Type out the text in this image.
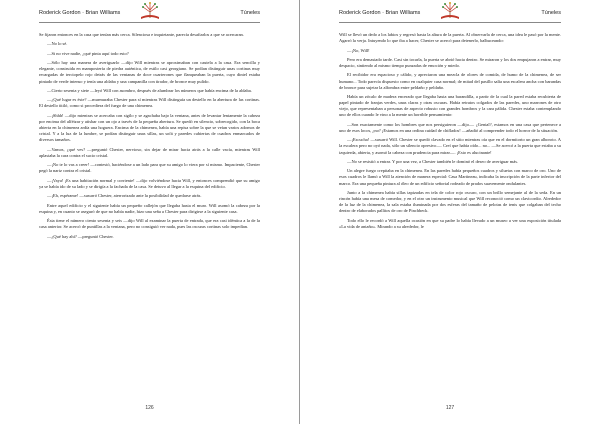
Roderick Gordon · Brian Williams	Túneles

Se fijaron entonces en la casa que tenían más cerca. Silenciosa e inquietante, parecía desafiarlos a que se acercaran.

—No lo sé.

—Si no vive nadie, ¿qué pinta aquí todo esto?

—Sólo hay una manera de averiguarlo —dijo Will mientras se aproximaban con cautela a la casa. Era sencilla y elegante, construida en mampostería de piedra auténtica, de estilo casi georgiano. Se podían distinguir unas cortinas muy recargadas de terciopelo rojo detrás de las ventanas de doce cuarterones que flanqueaban la puerta, cuyo dintel estaba pintado de verde intenso y tenía una aldaba y una campanilla con tirador, de bronce muy pulido.

—Cierto sesenta y siete —leyó Will con asombro, después de alumbrar los números que había encima de la aldaba.

—¿Qué lugar es éste? —murmuraba Chester para sí mientras Will distinguía un destello en la abertura de las cortinas. El destello titiló, como si procediera del fuego de una chimenea.

—¡Shhh! —dijo mientras se acercaba con sigilo y se agachaba bajo la ventana, antes de levantar lentamente la cabeza por encima del alféizar y atisbar con un ojo a través de la pequeña abertura. Se quedó en silencio, sobrecogido, con la boca abierta en la chimenea ardía una hoguera. Encima de la chimenea, había una repisa sobre la que se veían varios adornos de cristal. Y a la luz de la lumbre, se podían distinguir unas sillas, un sofá y paredes cubiertas de cuadros enmarcados de diversos tamaños.

—Vamos, ¿qué ves? —preguntó Chester, nervioso, sin dejar de mirar hacia atrás a la calle vacía, mientras Will aplastaba la cara contra el sucio cristal.

—¡No te lo vas a creer! —contestó, haciéndose a un lado para que su amigo lo viera por sí mismo. Impaciente, Chester pegó la nariz contra el cristal.

—¡Vaya! ¡Es una habitación normal y corriente! —dijo volviéndose hacia Will, y entonces comprendió que su amigo ya se había ido de su lado y se dirigía a la fachada de la casa. Se detuvo al llegar a la esquina del edificio.

—¡Eh, espérame! —susurró Chester, aterrorizado ante la posibilidad de quedarse atrás.

Entre aquel edificio y el siguiente había un pequeño callejón que llegaba hasta el muro. Will asomó la cabeza por la esquina y, en cuanto se aseguró de que no había nadie, hizo una seña a Chester para dirigirse a la siguiente casa.

Ésta tiene el número ciento sesenta y seis —dijo Will al examinar la puerta de entrada, que era casi idéntica a la de la casa anterior. Se acercó de puntillas a la ventana, pero no consiguió ver nada, pues las oscuras cortinas solo impedían.

—¿Qué hay ahí? —preguntó Chester.

126
Roderick Gordon · Brian Williams	Túneles

Will se llevó un dedo a los labios y regresó hasta la altura de la puerta. Al observarla de cerca, una idea le pasó por la mente. Agarró la verja. Intuyendo lo que iba a hacer, Chester se acercó para detenerlo, balbuceando:

—¡No, Will!

Pero era demasiado tarde. Casi sin tocarla, la puerta se abrió hacia dentro. Se miraron y los dos empujaron a entrar, muy despacio, sintiendo al mismo tiempo punzadas de emoción y miedo.

El recibidor era espacioso y cálido, y apreciaron una mezcla de olores de comida, de humo de la chimenea, de ser humano... Todo parecía dispuesto como en cualquier casa normal; de mitad del pasillo salía una escalera ancha con barandas de bronce para sujetar la alfombra entre peldaño y peldaño.

Había un zócalo de madera encerado que llegaba hasta una barandilla, a partir de la cual la pared estaba recubierta de papel pintado de franjas verdes, unas claras y otras oscuras. Había retratos colgados de las paredes, uno marrones de otro viejo, que representaban a personas de aspecto robusto con grandes hombros y la cara pálida. Chester estaba contemplando uno de ellos cuando le vino a la mente un horrible pensamiento:

—Son exactamente como los hombres que nos persiguieron —dijo—. ¿Genial?, estamos en una casa que pertenece a uno de esos locos, ¿no? ¡Estamos en una ordina cuidad de chiflados! —añadió al comprender todo el horror de la situación.

—¡Escucha! —susurró Will. Chester se quedó clavado en el sitio mientras oía que en el dormitorio un gran alboroto. A la escalera pero no oyó nada, sólo un silencio opresivo—. Creí que había oído... no... —Se acercó a la puerta que estaba a su izquierda, abierta, y asomó la cabeza con prudencia para mirar—. ¡Esto es alucinante!

—No se resistió a entrar. Y por una vez, a Chester también le dominó el deseo de averiguar más.

Un alegre fuego crepitaba en la chimenea. En las paredes había pequeños cuadros y siluetas con marco de oro. Uno de esos cuadros le llamó a Will la atención de manera especial: Casa Martineau, indicaba la inscripción de la parte inferior del marco. Era una pequeña pintura al óleo de un edificio señorial rodeado de prados suavemente ondulantes.

Junto a la chimenea había sillas tapizadas en tela de color rojo oscuro, con un brillo semejante al de la seda. En un rincón había una mesa de comedor, y en el otro un instrumento musical que Will reconoció como un clavicordio. Alrededor de la luz de la chimenea, la sala estaba iluminada por dos esferas del tamaño de pelotas de tenis que colgaban del techo dentro de elaborados pallitos de oro de Pinchbeck.

Todo ello le recordó a Will aquella ocasión en que su padre lo había llevado a un museo a ver una exposición titulada «La vida de antaño». Mirando a su alrededor, le

127
